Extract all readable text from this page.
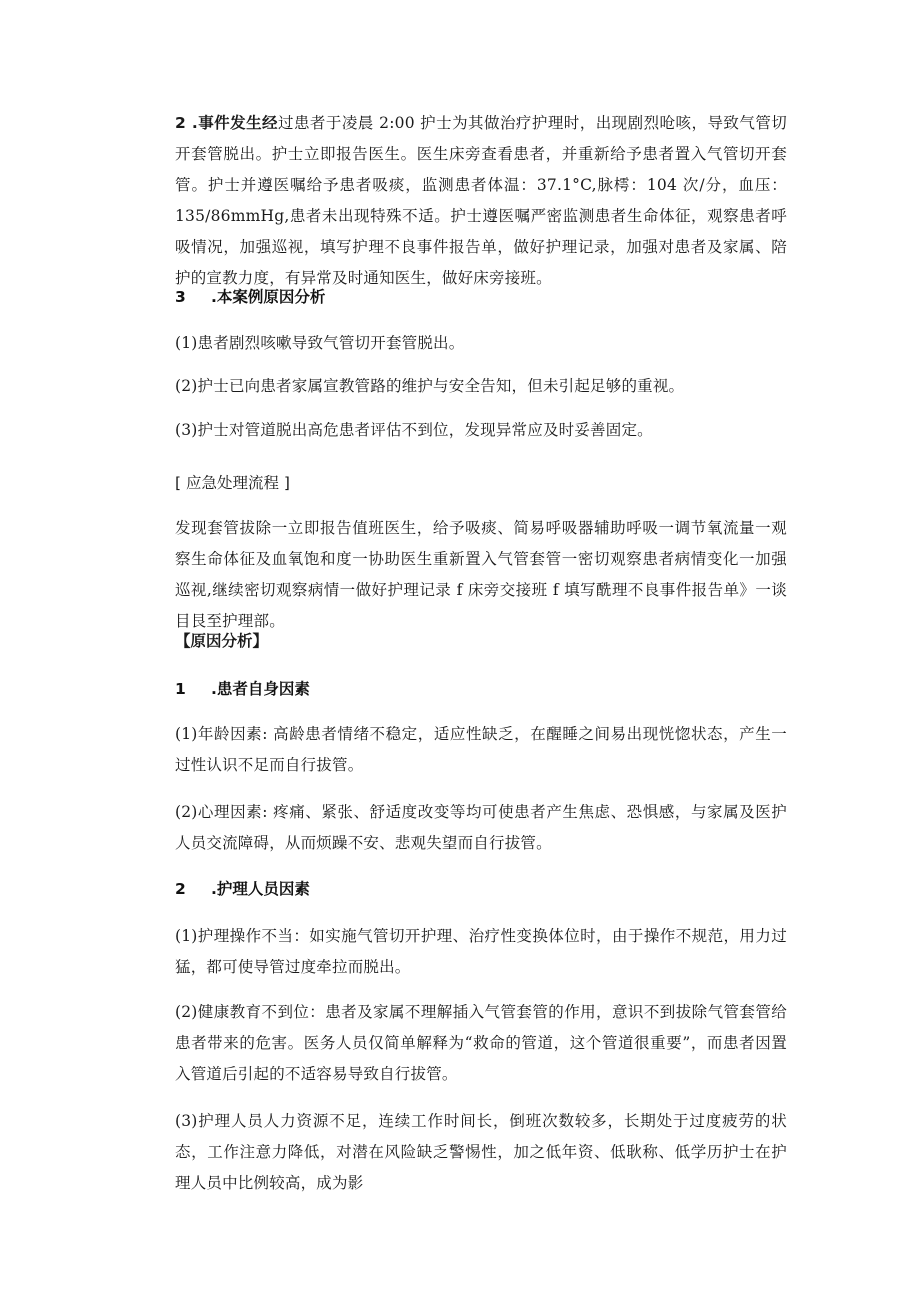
2 .事件发生经过患者于凌晨 2:00 护士为其做治疗护理时，出现剧烈呛咳，导致气管切开套管脱出。护士立即报告医生。医生床旁查看患者，并重新给予患者置入气管切开套管。护士并遵医嘱给予患者吸痰，监测患者体温：37.1°C,脉樗：104 次/分，血压：135∕86mmHg,患者未出现特殊不适。护士遵医嘱严密监测患者生命体征，观察患者呼吸情况，加强巡视，填写护理不良事件报告单，做好护理记录，加强对患者及家属、陪护的宣教力度，有异常及时通知医生，做好床旁接班。

3 .本案例原因分析

(1)患者剧烈咳嗽导致气管切开套管脱出。

(2)护士已向患者家属宣教管路的维护与安全告知，但未引起足够的重视。

(3)护士对管道脱出高危患者评估不到位，发现异常应及时妥善固定。

[ 应急处理流程 ]

发现套管拔除一立即报告值班医生，给予吸痰、简易呼吸器辅助呼吸一调节氧流量一观察生命体征及血氧饱和度一协助医生重新置入气管套管一密切观察患者病情变化一加强巡视,继续密切观察病情一做好护理记录 f 床旁交接班 f 填写酰理不良事件报告单》一谈目艮至护理部。

【原因分析】
1 .患者自身因素

(1)年龄因素: 高龄患者情绪不稳定，适应性缺乏，在醒睡之间易出现恍惚状态，产生一过性认识不足而自行拔管。

(2)心理因素: 疼痛、紧张、舒适度改变等均可使患者产生焦虑、恐惧感，与家属及医护人员交流障碍，从而烦躁不安、悲观失望而自行拔管。

2 .护理人员因素

(1)护理操作不当：如实施气管切开护理、治疗性变换体位时，由于操作不规范，用力过猛，都可使导管过度牵拉而脱出。

(2)健康教育不到位：患者及家属不理解插入气管套管的作用，意识不到拔除气管套管给患者带来的危害。医务人员仅简单解释为“救命的管道，这个管道很重要”，而患者因置入管道后引起的不适容易导致自行拔管。

(3)护理人员人力资源不足，连续工作时间长，倒班次数较多，长期处于过度疲劳的状态，工作注意力降低，对潜在风险缺乏警惕性，加之低年资、低耿称、低学历护士在护理人员中比例较高，成为影
